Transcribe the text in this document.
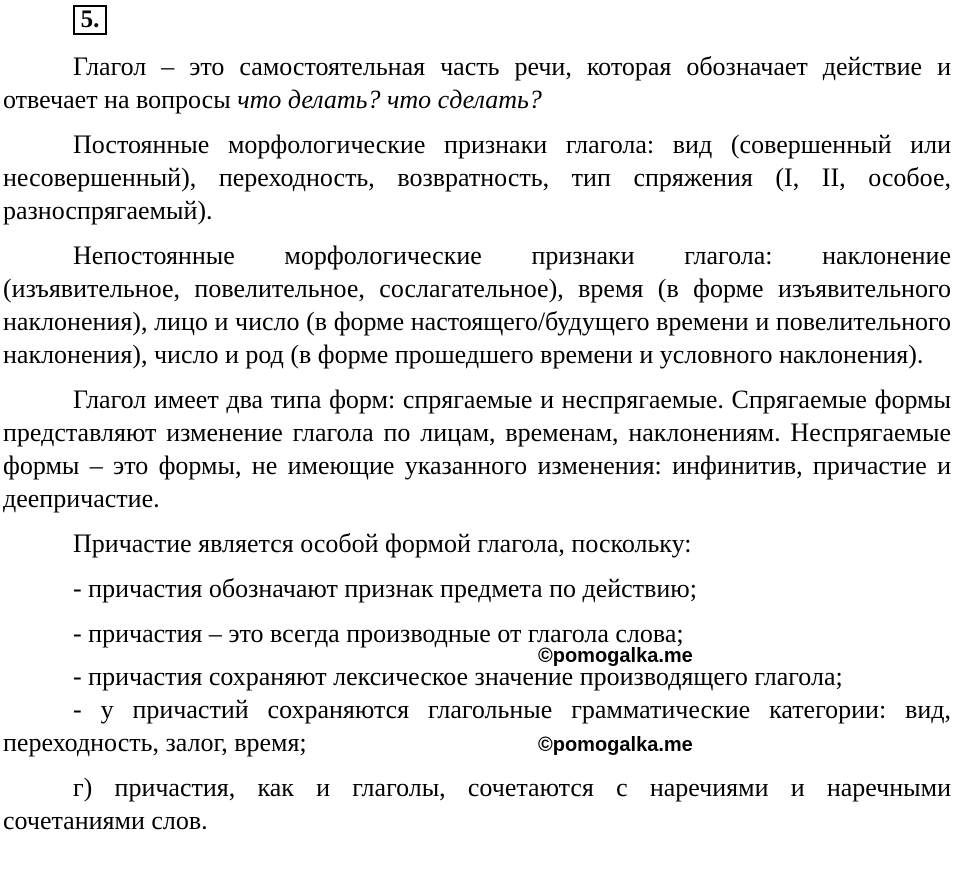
5.

Глагол – это самостоятельная часть речи, которая обозначает действие и отвечает на вопросы что делать? что сделать?

Постоянные морфологические признаки глагола: вид (совершенный или несовершенный), переходность, возвратность, тип спряжения (I, II, особое, разноспрягаемый).

Непостоянные морфологические признаки глагола: наклонение (изъявительное, повелительное, сослагательное), время (в форме изъявительного наклонения), лицо и число (в форме настоящего/будущего времени и повелительного наклонения), число и род (в форме прошедшего времени и условного наклонения).

Глагол имеет два типа форм: спрягаемые и неспрягаемые. Спрягаемые формы представляют изменение глагола по лицам, временам, наклонениям. Неспрягаемые формы – это формы, не имеющие указанного изменения: инфинитив, причастие и деепричастие.

Причастие является особой формой глагола, поскольку:

- причастия обозначают признак предмета по действию;

- причастия – это всегда производные от глагола слова;

- причастия сохраняют лексическое значение производящего глагола;

- у причастий сохраняются глагольные грамматические категории: вид, переходность, залог, время;

г) причастия, как и глаголы, сочетаются с наречиями и наречными сочетаниями слов.

©pomogalka.me
©pomogalka.me
